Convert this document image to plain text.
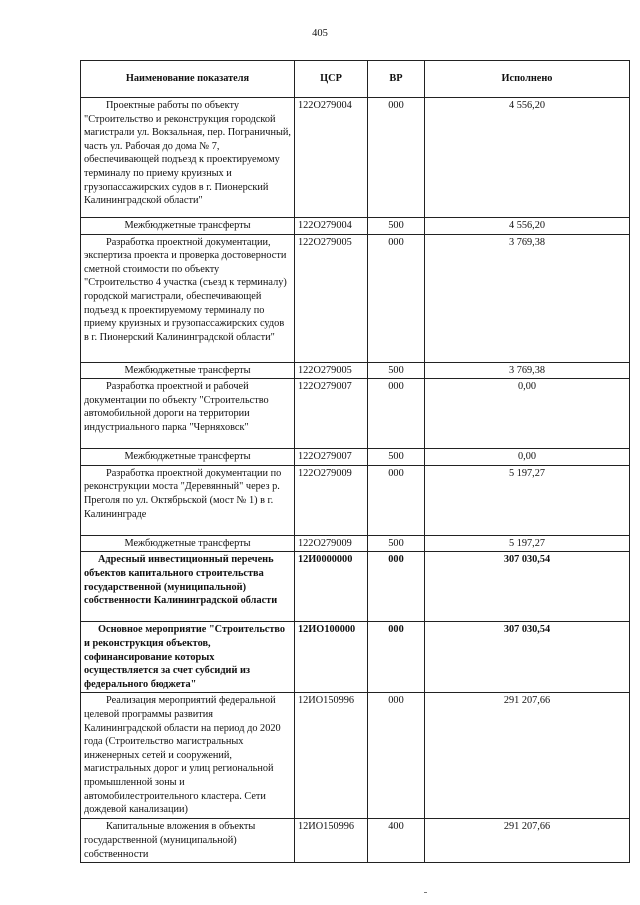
405
Наименование показателя	ЦСР	ВР	Исполнено
Проектные работы по объекту "Строительство и реконструкция городской магистрали ул. Вокзальная, пер. Пограничный, часть ул. Рабочая до дома № 7, обеспечивающей подъезд к проектируемому терминалу по приему круизных и грузопассажирских судов в г. Пионерский Калининградской области"	122О279004	000	4 556,20
Межбюджетные трансферты	122О279004	500	4 556,20
Разработка проектной документации, экспертиза проекта и проверка достоверности сметной стоимости по объекту "Строительство 4 участка (съезд к терминалу) городской магистрали, обеспечивающей подъезд к проектируемому терминалу по приему круизных и грузопассажирских судов в г. Пионерский Калининградской области"	122О279005	000	3 769,38
Межбюджетные трансферты	122О279005	500	3 769,38
Разработка проектной и рабочей документации по объекту "Строительство автомобильной дороги на территории индустриального парка "Черняховск"	122О279007	000	0,00
Межбюджетные трансферты	122О279007	500	0,00
Разработка проектной документации по реконструкции моста "Деревянный" через р. Преголя по ул. Октябрьской (мост № 1) в г. Калининграде	122О279009	000	5 197,27
Межбюджетные трансферты	122О279009	500	5 197,27
Адресный инвестиционный перечень объектов капитального строительства государственной (муниципальной) собственности Калининградской области	12И0000000	000	307 030,54
Основное мероприятие "Строительство и реконструкция объектов, софинансирование которых осуществляется за счет субсидий из федерального бюджета"	12ИО100000	000	307 030,54
Реализация мероприятий федеральной целевой программы развития Калининградской области на период до 2020 года (Строительство магистральных инженерных сетей и сооружений, магистральных дорог и улиц региональной промышленной зоны и автомобилестроительного кластера. Сети дождевой канализации)	12ИО150996	000	291 207,66
Капитальные вложения в объекты государственной (муниципальной) собственности	12ИО150996	400	291 207,66
